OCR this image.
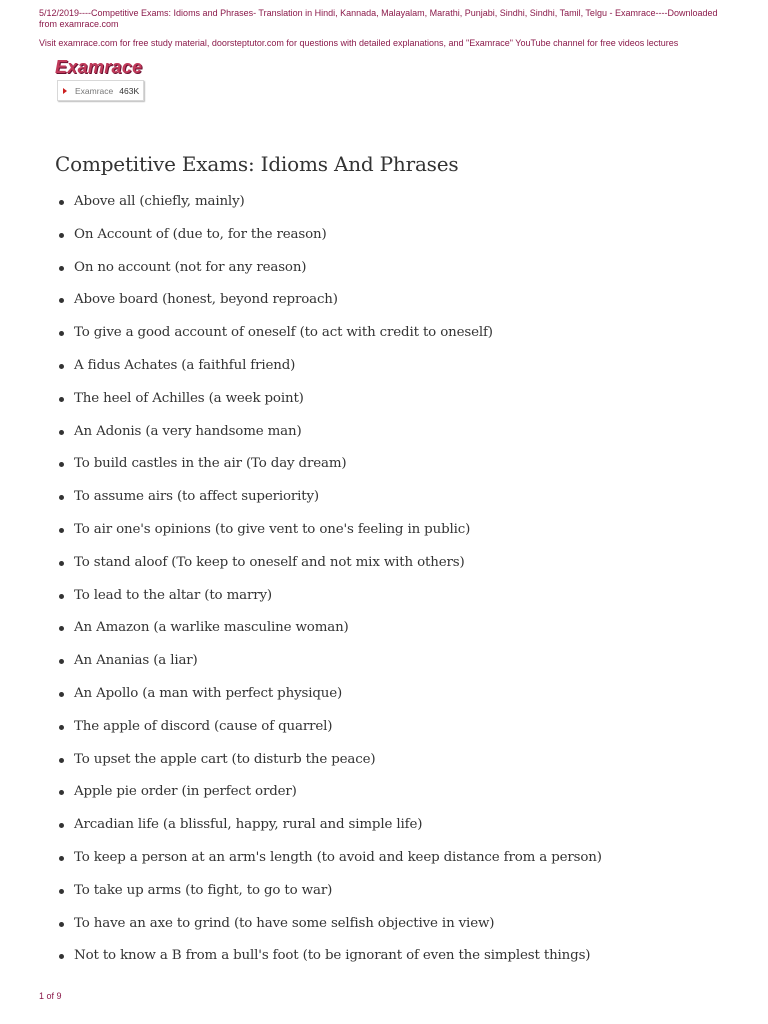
5/12/2019----Competitive Exams: Idioms and Phrases- Translation in Hindi, Kannada, Malayalam, Marathi, Punjabi, Sindhi, Sindhi, Tamil, Telgu - Examrace----Downloaded from examrace.com
Visit examrace.com for free study material, doorsteptutor.com for questions with detailed explanations, and "Examrace" YouTube channel for free videos lectures
Examrace
Examrace 463K
Competitive Exams: Idioms And Phrases
Above all (chiefly, mainly)
On Account of (due to, for the reason)
On no account (not for any reason)
Above board (honest, beyond reproach)
To give a good account of oneself (to act with credit to oneself)
A fidus Achates (a faithful friend)
The heel of Achilles (a week point)
An Adonis (a very handsome man)
To build castles in the air (To day dream)
To assume airs (to affect superiority)
To air one's opinions (to give vent to one's feeling in public)
To stand aloof (To keep to oneself and not mix with others)
To lead to the altar (to marry)
An Amazon (a warlike masculine woman)
An Ananias (a liar)
An Apollo (a man with perfect physique)
The apple of discord (cause of quarrel)
To upset the apple cart (to disturb the peace)
Apple pie order (in perfect order)
Arcadian life (a blissful, happy, rural and simple life)
To keep a person at an arm's length (to avoid and keep distance from a person)
To take up arms (to fight, to go to war)
To have an axe to grind (to have some selfish objective in view)
Not to know a B from a bull's foot (to be ignorant of even the simplest things)
1 of 9
